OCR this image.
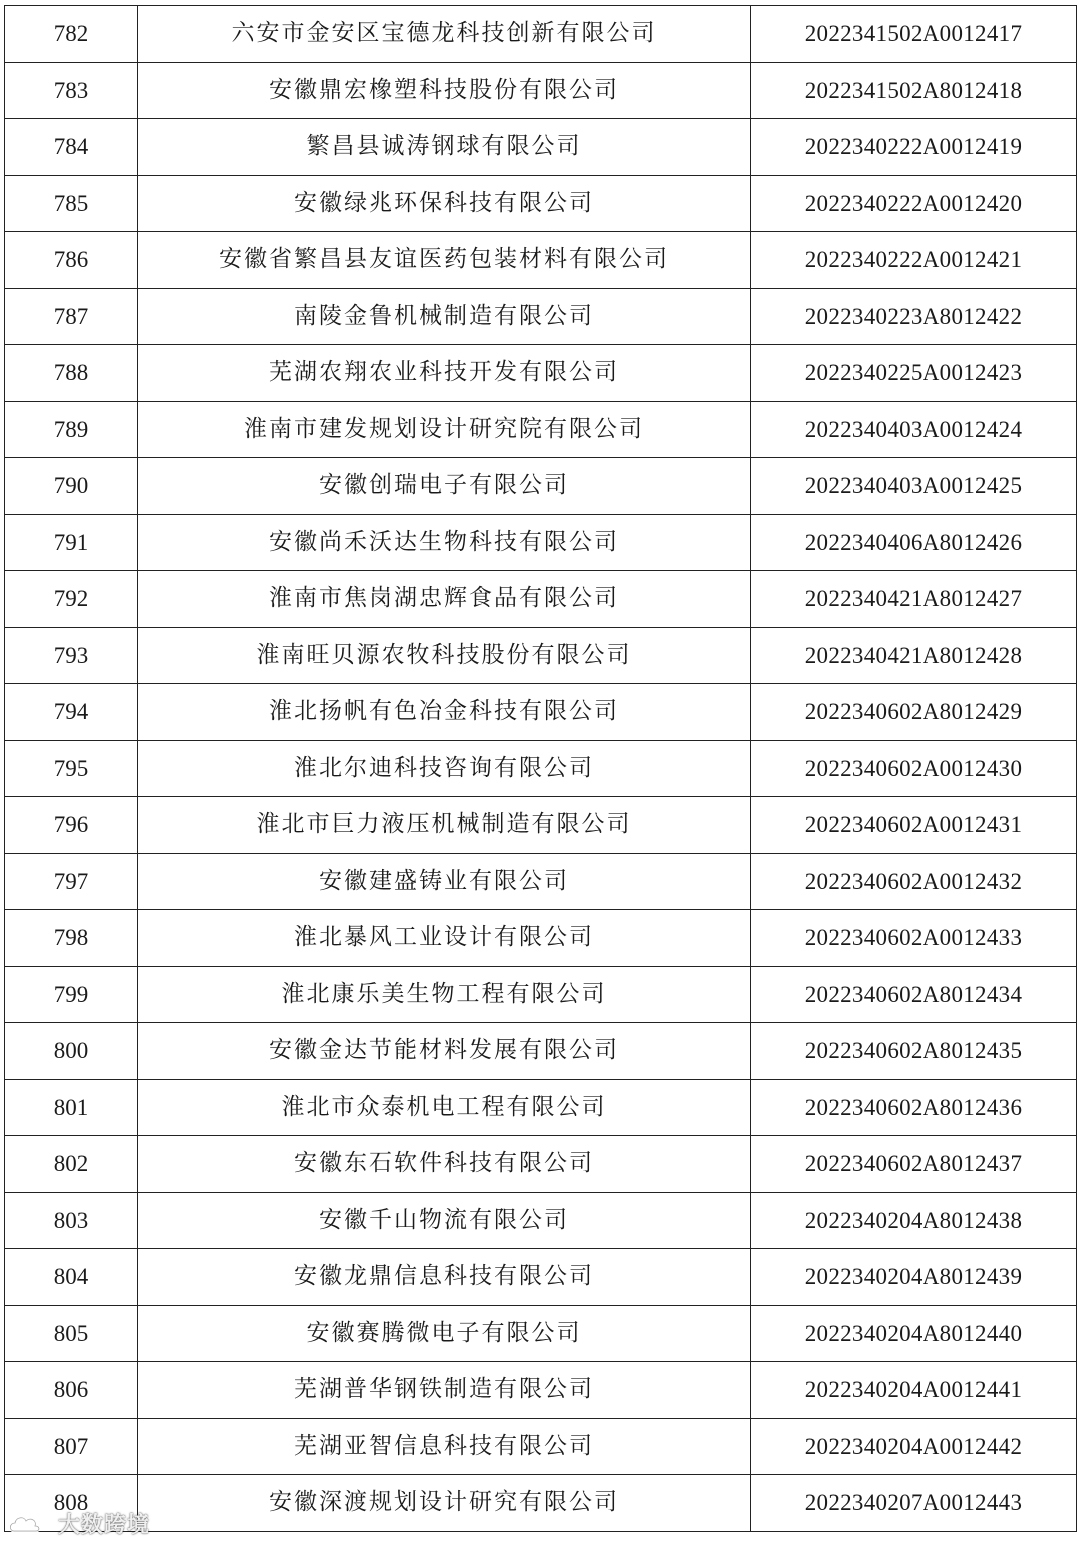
782	六安市金安区宝德龙科技创新有限公司	2022341502A0012417
783	安徽鼎宏橡塑科技股份有限公司	2022341502A8012418
784	繁昌县诚涛钢球有限公司	2022340222A0012419
785	安徽绿兆环保科技有限公司	2022340222A0012420
786	安徽省繁昌县友谊医药包装材料有限公司	2022340222A0012421
787	南陵金鲁机械制造有限公司	2022340223A8012422
788	芜湖农翔农业科技开发有限公司	2022340225A0012423
789	淮南市建发规划设计研究院有限公司	2022340403A0012424
790	安徽创瑞电子有限公司	2022340403A0012425
791	安徽尚禾沃达生物科技有限公司	2022340406A8012426
792	淮南市焦岗湖忠辉食品有限公司	2022340421A8012427
793	淮南旺贝源农牧科技股份有限公司	2022340421A8012428
794	淮北扬帆有色冶金科技有限公司	2022340602A8012429
795	淮北尔迪科技咨询有限公司	2022340602A0012430
796	淮北市巨力液压机械制造有限公司	2022340602A0012431
797	安徽建盛铸业有限公司	2022340602A0012432
798	淮北暴风工业设计有限公司	2022340602A0012433
799	淮北康乐美生物工程有限公司	2022340602A8012434
800	安徽金达节能材料发展有限公司	2022340602A8012435
801	淮北市众泰机电工程有限公司	2022340602A8012436
802	安徽东石软件科技有限公司	2022340602A8012437
803	安徽千山物流有限公司	2022340204A8012438
804	安徽龙鼎信息科技有限公司	2022340204A8012439
805	安徽赛腾微电子有限公司	2022340204A8012440
806	芜湖普华钢铁制造有限公司	2022340204A0012441
807	芜湖亚智信息科技有限公司	2022340204A0012442
808	安徽深渡规划设计研究有限公司	2022340207A0012443
大数跨境
